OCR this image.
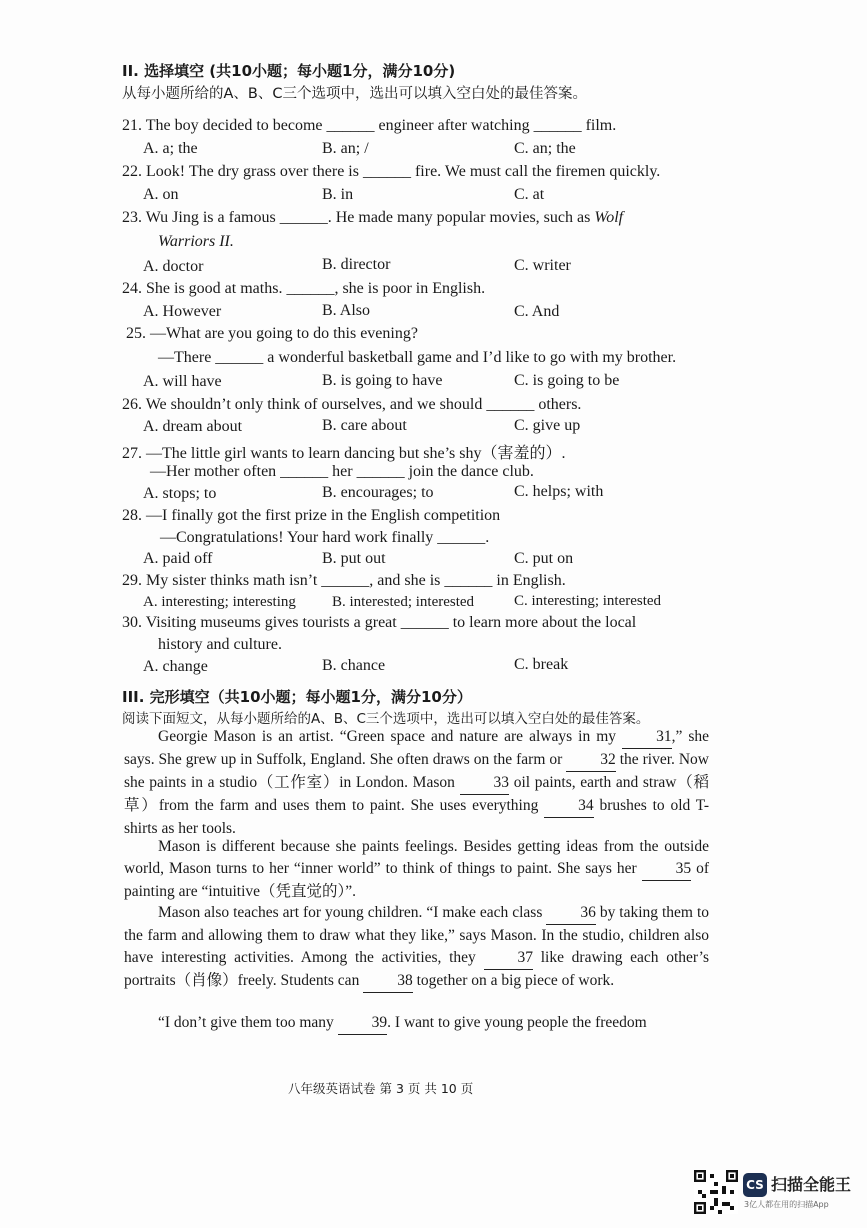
II. 选择填空 (共10小题；每小题1分，满分10分)
从每小题所给的A、B、C三个选项中，选出可以填入空白处的最佳答案。
21. The boy decided to become ______ engineer after watching ______ film.
A. a; the	B. an; /	C. an; the
22. Look! The dry grass over there is ______ fire. We must call the firemen quickly.
A. on	B. in	C. at
23. Wu Jing is a famous ______. He made many popular movies, such as Wolf
Warriors II.
A. doctor	B. director	C. writer
24. She is good at maths. ______, she is poor in English.
A. However	B. Also	C. And
25. —What are you going to do this evening?
—There ______ a wonderful basketball game and I’d like to go with my brother.
A. will have	B. is going to have	C. is going to be
26. We shouldn’t only think of ourselves, and we should ______ others.
A. dream about	B. care about	C. give up
27. —The little girl wants to learn dancing but she’s shy（害羞的）.
—Her mother often ______ her ______ join the dance club.
A. stops; to	B. encourages; to	C. helps; with
28. —I finally got the first prize in the English competition
—Congratulations! Your hard work finally ______.
A. paid off	B. put out	C. put on
29. My sister thinks math isn’t ______, and she is ______ in English.
A. interesting; interesting B. interested; interested	C. interesting; interested
30. Visiting museums gives tourists a great ______ to learn more about the local
history and culture.
A. change	B. chance	C. break
III. 完形填空（共10小题；每小题1分，满分10分）
阅读下面短文，从每小题所给的A、B、C三个选项中，选出可以填入空白处的最佳答案。
Georgie Mason is an artist. “Green space and nature are always in my	31,” she says. She grew up in Suffolk, England. She often draws on the farm or 32 the river. Now she paints in a studio（工作室）in London. Mason 33 oil paints, earth and straw（稻草）from the farm and uses them to paint. She uses everything	34 brushes to old T-shirts as her tools.
Mason is different because she paints feelings. Besides getting ideas from the outside world, Mason turns to her “inner world” to think of things to paint. She says her	35 of painting are “intuitive（凭直觉的）”.
Mason also teaches art for young children. “I make each class 36 by taking them to the farm and allowing them to draw what they like,” says Mason. In the studio, children also have interesting activities. Among the activities, they	37 like drawing each other’s portraits（肖像）freely. Students can 38 together on a big piece of work.
“I don’t give them too many 39. I want to give young people the freedom
八年级英语试卷 第 3 页 共 10 页
CS 扫描全能王
3亿人都在用的扫描App
